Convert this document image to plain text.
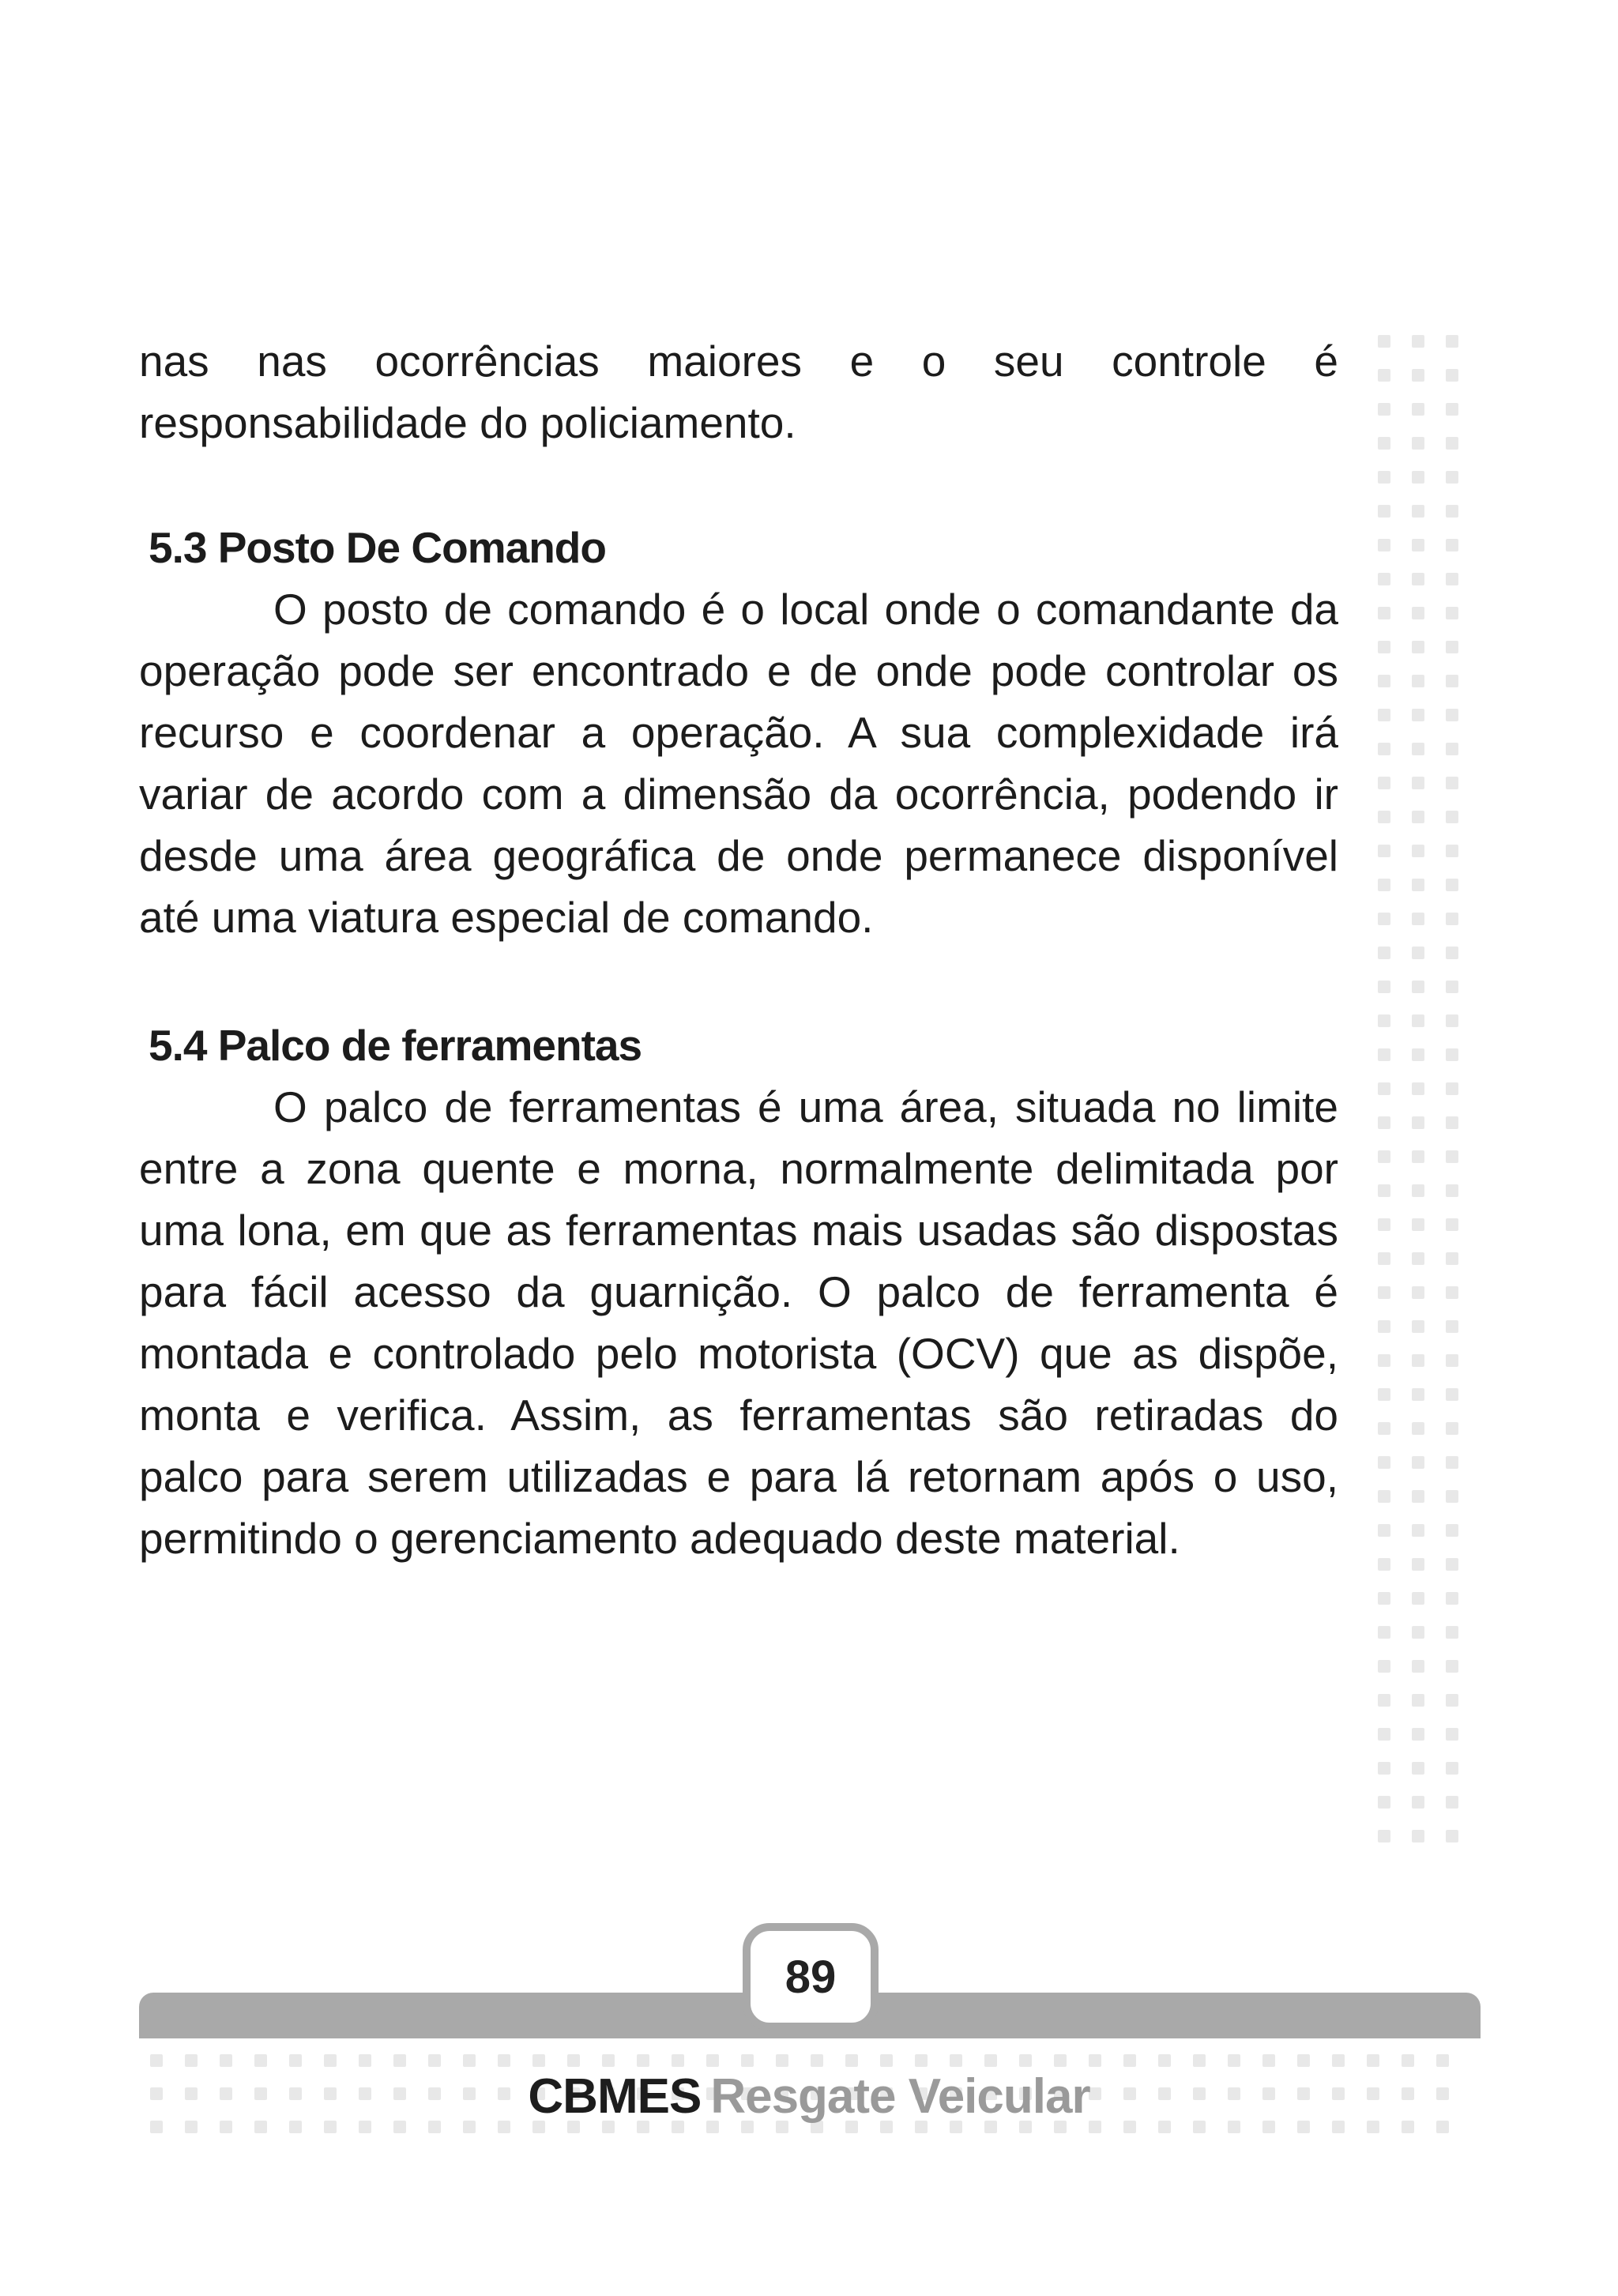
nas nas ocorrências maiores e o seu controle é responsabilidade do policiamento.

5.3 Posto De Comando

O posto de comando é o local onde o comandante da operação pode ser encontrado e de onde pode controlar os recurso e coordenar a operação. A sua complexidade irá variar de acordo com a dimensão da ocorrência, podendo ir desde uma área geográfica de onde permanece disponível até uma viatura especial de comando.

5.4 Palco de ferramentas

O palco de ferramentas é uma área, situada no limite entre a zona quente e morna, normalmente delimitada por uma lona, em que as ferramentas mais usadas são dispostas para fácil acesso da guarnição. O palco de ferramenta é montada e controlado pelo motorista (OCV) que as dispõe, monta e verifica. Assim, as ferramentas são retiradas do palco para serem utilizadas e para lá retornam após o uso, permitindo o gerenciamento adequado deste material.

89
CBMES Resgate Veicular
